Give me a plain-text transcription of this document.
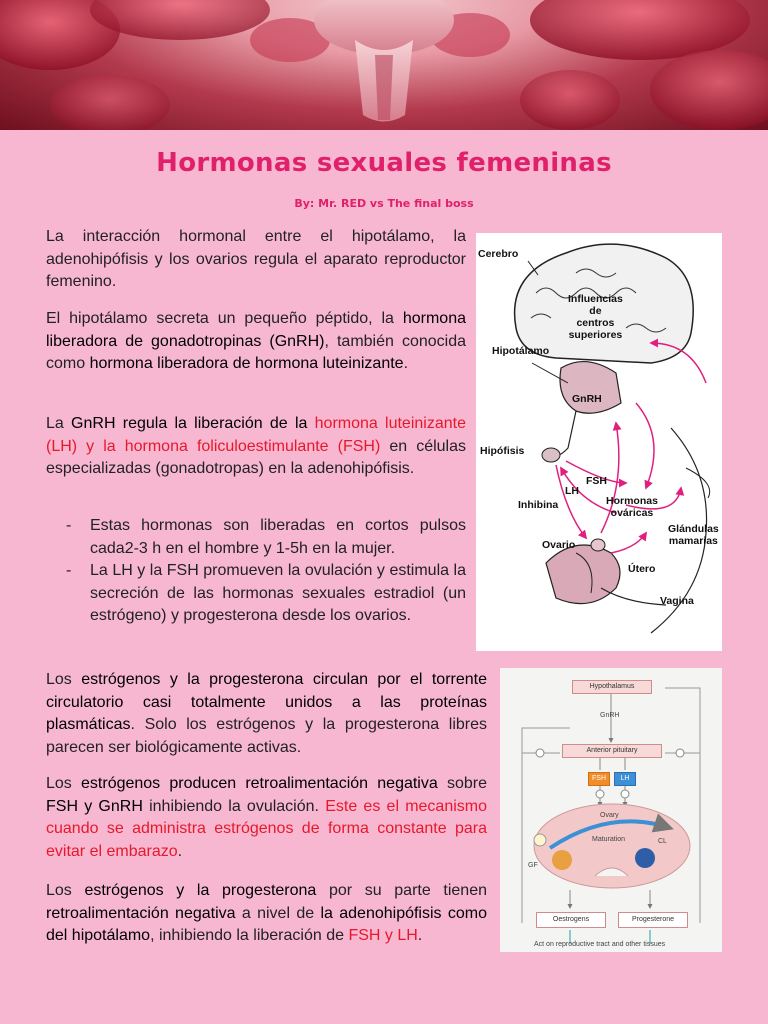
Hormonas sexuales femeninas
By: Mr. RED vs The final boss
La interacción hormonal entre el hipotálamo, la adenohipófisis y los ovarios regula el aparato reproductor femenino.
El hipotálamo secreta un pequeño péptido, la hormona liberadora de gonadotropinas (GnRH), también conocida como hormona liberadora de hormona luteinizante.
La GnRH regula la liberación de la hormona luteinizante (LH) y la hormona foliculoestimulante (FSH) en células especializadas (gonadotropas) en la adenohipófisis.
- Estas hormonas son liberadas en cortos pulsos cada2-3 h en el hombre y 1-5h en la mujer.
- La LH y la FSH promueven la ovulación y estimula la secreción de las hormonas sexuales estradiol (un estrógeno) y progesterona desde los ovarios.
Los estrógenos y la progesterona circulan por el torrente circulatorio casi totalmente unidos a las proteínas plasmáticas. Solo los estrógenos y la progesterona libres parecen ser biológicamente activas.
Los estrógenos producen retroalimentación negativa sobre FSH y GnRH inhibiendo la ovulación. Este es el mecanismo cuando se administra estrógenos de forma constante para evitar el embarazo.
Los estrógenos y la progesterona por su parte tienen retroalimentación negativa a nivel de la adenohipófisis como del hipotálamo, inhibiendo la liberación de FSH y LH.
Cerebro
Influencias
de
centros
superiores
Hipotálamo
GnRH
Hipófisis
FSH
LH
Inhibina	Hormonas
ováricas
Glándulas
mamarias
Ovario
Útero
Vagina
Hypothalamus
GnRH
Anterior pituitary
FSH	LH
Ovary
Maturation	CL
GF
Oestrogens	Progesterone
Act on reproductive tract and other tissues
